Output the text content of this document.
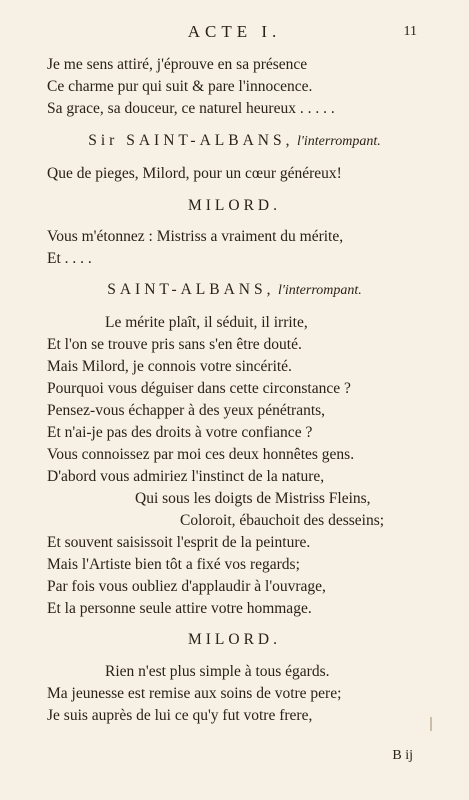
ACTE I.	11
Je me sens attiré, j'éprouve en sa présence
Ce charme pur qui suit & pare l'innocence.
Sa grace, sa douceur, ce naturel heureux . . . . .
Que de pieges, Milord, pour un cœur généreux!
Vous m'étonnez : Mistriss a vraiment du mérite,
Et . . . .
Le mérite plaît, il séduit, il irrite,
Et l'on se trouve pris sans s'en être douté.
Mais Milord, je connois votre sincérité.
Pourquoi vous déguiser dans cette circonstance ?
Pensez-vous échapper à des yeux pénétrants,
Et n'ai-je pas des droits à votre confiance ?
Vous connoissez par moi ces deux honnêtes gens.
D'abord vous admiriez l'instinct de la nature,
Qui sous les doigts de Mistriss Fleins,
Coloroit, ébauchoit des desseins;
Et souvent saisissoit l'esprit de la peinture.
Mais l'Artiste bien tôt a fixé vos regards;
Par fois vous oubliez d'applaudir à l'ouvrage,
Et la personne seule attire votre hommage.
Rien n'est plus simple à tous égards.
Ma jeunesse est remise aux soins de votre pere;
Je suis auprès de lui ce qu'y fut votre frere,
Sir SAINT-ALBANS, l'interrompant.
MILORD.
SAINT-ALBANS, l'interrompant.
MILORD.
B ij
